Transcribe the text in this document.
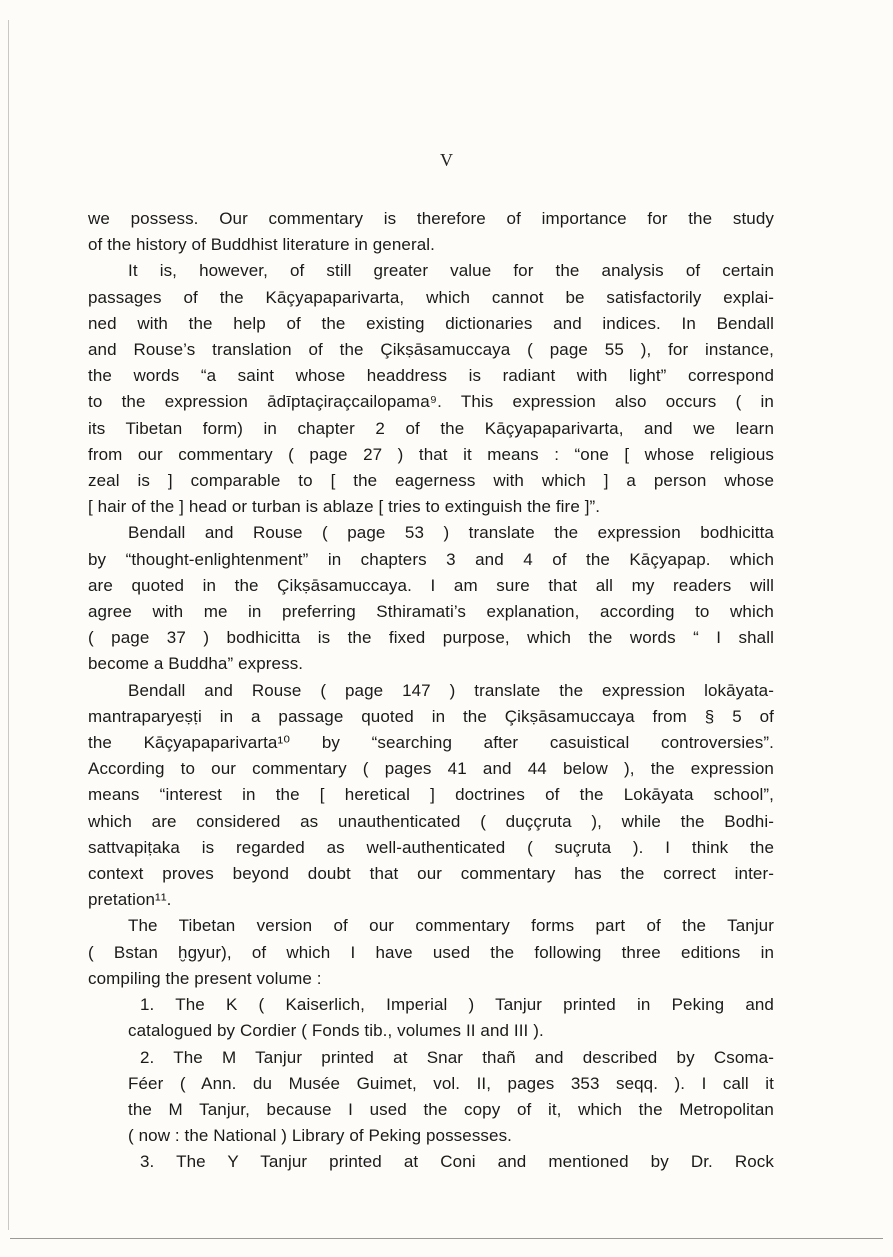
V

we possess. Our commentary is therefore of importance for the study

of the history of Buddhist literature in general.

It is, however, of still greater value for the analysis of certain

passages of the Kāçyapaparivarta, which cannot be satisfactorily explai-

ned with the help of the existing dictionaries and indices. In Bendall

and Rouse’s translation of the Çikṣāsamuccaya ( page 55 ), for instance,

the words “a saint whose headdress is radiant with light” correspond

to the expression ādīptaçiraçcailopama⁹. This expression also occurs ( in

its Tibetan form) in chapter 2 of the Kāçyapaparivarta, and we learn

from our commentary ( page 27 ) that it means : “one [ whose religious

zeal is ] comparable to [ the eagerness with which ] a person whose

[ hair of the ] head or turban is ablaze [ tries to extinguish the fire ]”.

Bendall and Rouse ( page 53 ) translate the expression bodhicitta

by “thought-enlightenment” in chapters 3 and 4 of the Kāçyapap. which

are quoted in the Çikṣāsamuccaya. I am sure that all my readers will

agree with me in preferring Sthiramati’s explanation, according to which

( page 37 ) bodhicitta is the fixed purpose, which the words “ I shall

become a Buddha” express.

Bendall and Rouse ( page 147 ) translate the expression lokāyata-

mantraparyeṣṭi in a passage quoted in the Çikṣāsamuccaya from § 5 of

the Kāçyapaparivarta¹⁰ by “searching after casuistical controversies”.

According to our commentary ( pages 41 and 44 below ), the expression

means “interest in the [ heretical ] doctrines of the Lokāyata school”,

which are considered as unauthenticated ( duççruta ), while the Bodhi-

sattvapiṭaka is regarded as well-authenticated ( suçruta ). I think the

context proves beyond doubt that our commentary has the correct inter-

pretation¹¹.

The Tibetan version of our commentary forms part of the Tanjur

( Bstan ḫgyur), of which I have used the following three editions in

compiling the present volume :

1. The K ( Kaiserlich, Imperial ) Tanjur printed in Peking and
catalogued by Cordier ( Fonds tib., volumes II and III ).
2. The M Tanjur printed at Snar thañ and described by Csoma-
Féer ( Ann. du Musée Guimet, vol. II, pages 353 seqq. ). I call it
the M Tanjur, because I used the copy of it, which the Metropolitan
( now : the National ) Library of Peking possesses.
3. The Y Tanjur printed at Coni and mentioned by Dr. Rock
